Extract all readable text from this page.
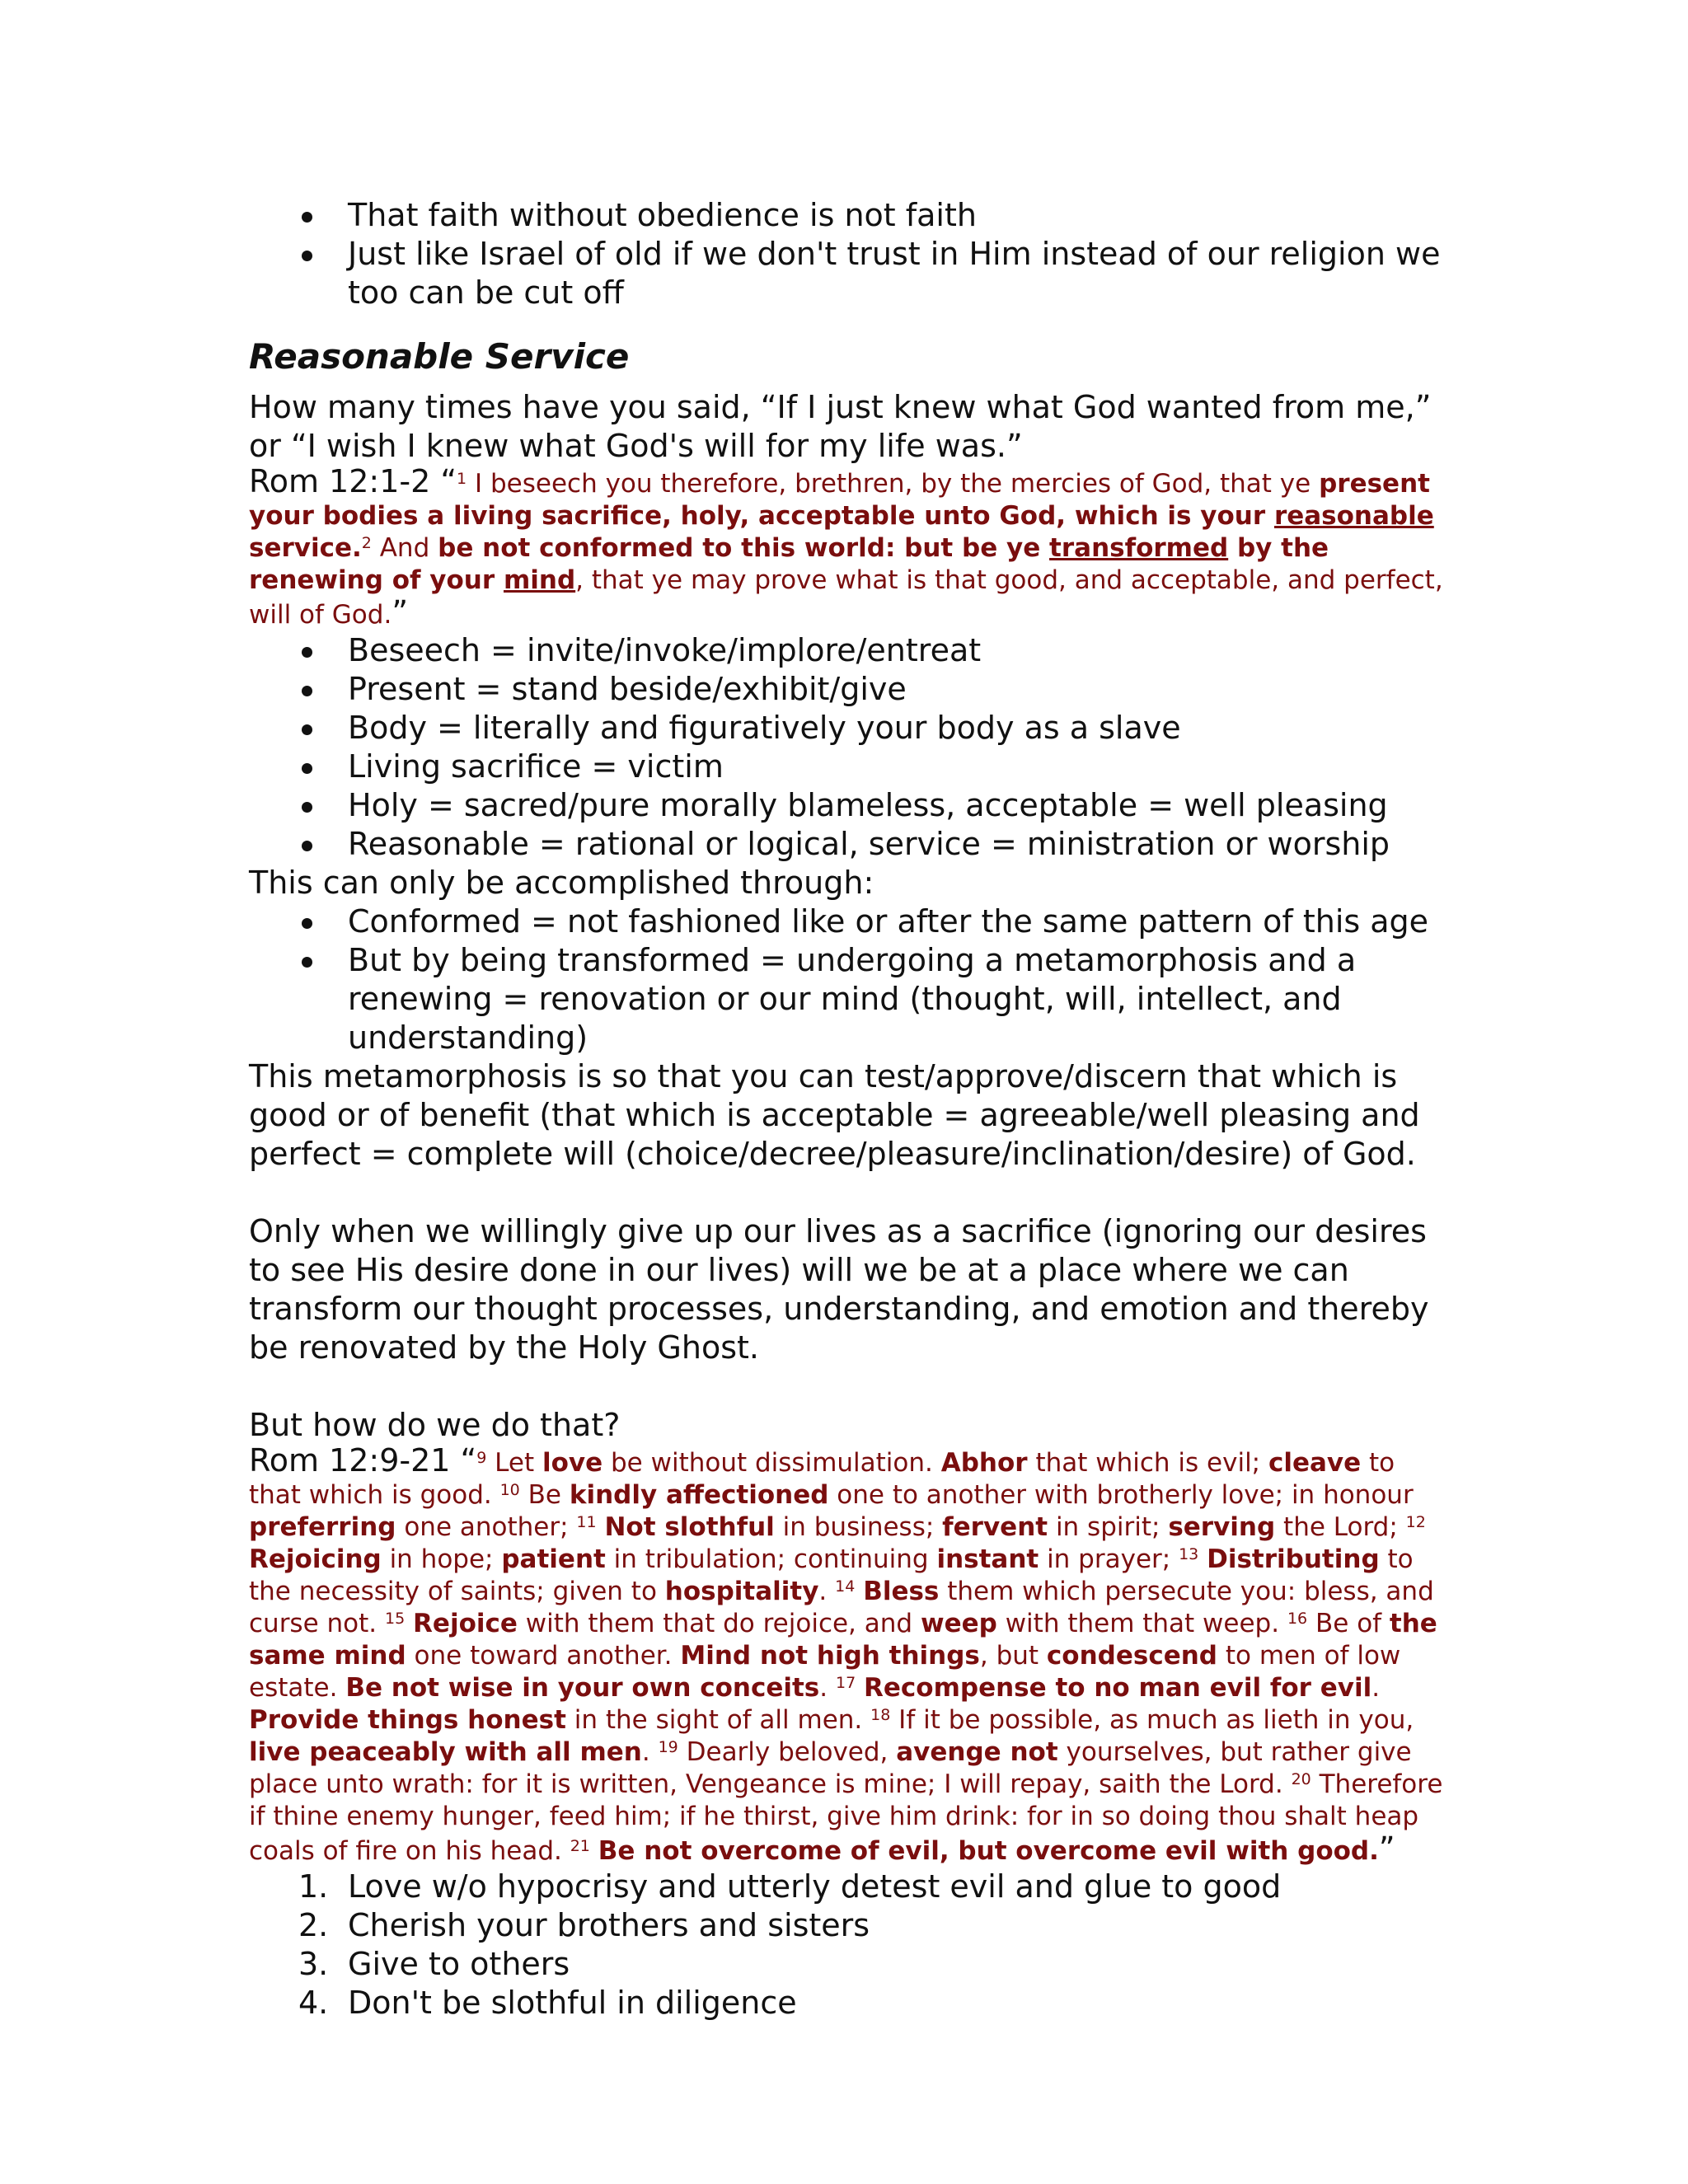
That faith without obedience is not faith
Just like Israel of old if we don't trust in Him instead of our religion we too can be cut off
Reasonable Service

How many times have you said, “If I just knew what God wanted from me,” or “I wish I knew what God's will for my life was.”

Rom 12:1-2 “$^1$ I beseech you therefore, brethren, by the mercies of God, that ye present your bodies a living sacrifice, holy, acceptable unto God, which is your reasonable service.$^2$ And be not conformed to this world: but be ye transformed by the renewing of your mind, that ye may prove what is that good, and acceptable, and perfect, will of God.”
Beseech = invite/invoke/implore/entreat
Present = stand beside/exhibit/give
Body = literally and figuratively your body as a slave
Living sacrifice = victim
Holy = sacred/pure morally blameless, acceptable = well pleasing
Reasonable = rational or logical, service = ministration or worship

This can only be accomplished through:

Conformed = not fashioned like or after the same pattern of this age
But by being transformed = undergoing a metamorphosis and a renewing = renovation or our mind (thought, will, intellect, and understanding)

This metamorphosis is so that you can test/approve/discern that which is good or of benefit (that which is acceptable = agreeable/well pleasing and perfect = complete will (choice/decree/pleasure/inclination/desire) of God.

Only when we willingly give up our lives as a sacrifice (ignoring our desires to see His desire done in our lives) will we be at a place where we can transform our thought processes, understanding, and emotion and thereby be renovated by the Holy Ghost.

But how do we do that?

Rom 12:9-21 “$^9$ Let love be without dissimulation. Abhor that which is evil; cleave to that which is good. $^{10}$ Be kindly affectioned one to another with brotherly love; in honour preferring one another; $^{11}$ Not slothful in business; fervent in spirit; serving the Lord; $^{12}$ Rejoicing in hope; patient in tribulation; continuing instant in prayer; $^{13}$ Distributing to the necessity of saints; given to hospitality. $^{14}$ Bless them which persecute you: bless, and curse not. $^{15}$ Rejoice with them that do rejoice, and weep with them that weep. $^{16}$ Be of the same mind one toward another. Mind not high things, but condescend to men of low estate. Be not wise in your own conceits. $^{17}$ Recompense to no man evil for evil. Provide things honest in the sight of all men. $^{18}$ If it be possible, as much as lieth in you, live peaceably with all men. $^{19}$ Dearly beloved, avenge not yourselves, but rather give place unto wrath: for it is written, Vengeance is mine; I will repay, saith the Lord. $^{20}$ Therefore if thine enemy hunger, feed him; if he thirst, give him drink: for in so doing thou shalt heap coals of fire on his head. $^{21}$ Be not overcome of evil, but overcome evil with good.”
1. Love w/o hypocrisy and utterly detest evil and glue to good
2. Cherish your brothers and sisters
3. Give to others
4. Don't be slothful in diligence
